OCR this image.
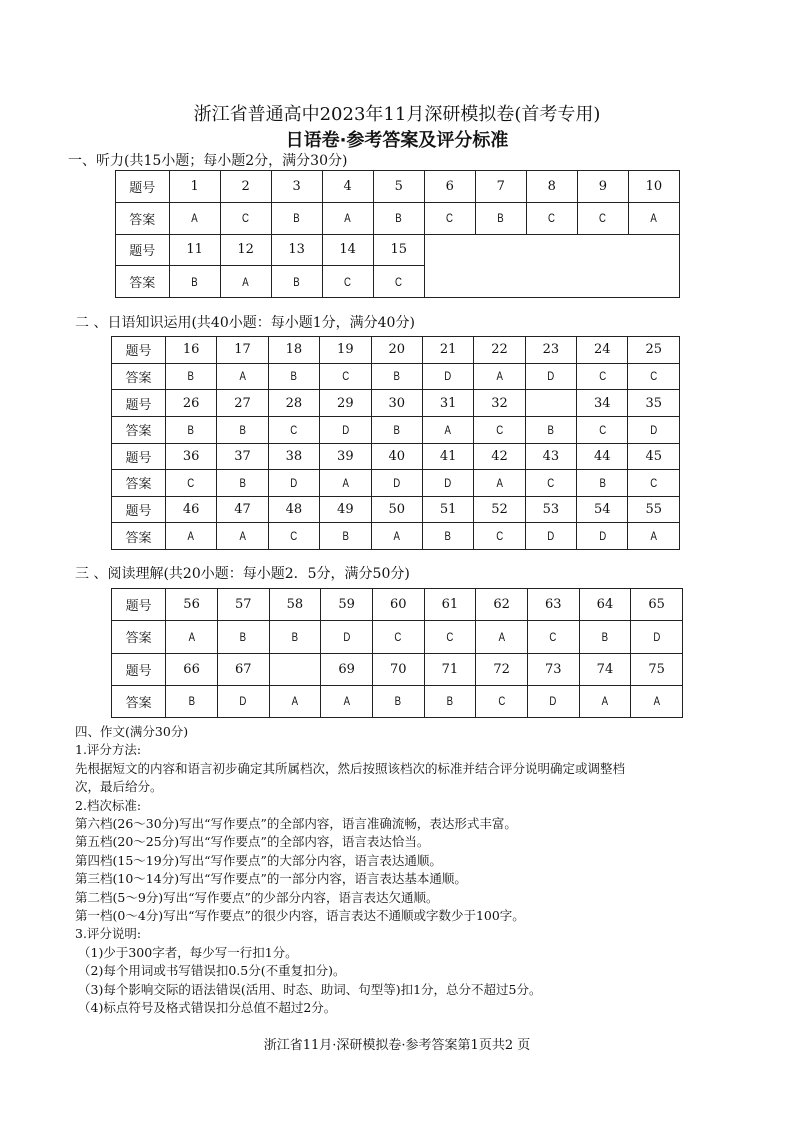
浙江省普通高中2023年11月深研模拟卷(首考专用)
日语卷·参考答案及评分标准
一、听力(共15小题；每小题2分，满分30分)
题号	1	2	3	4	5	6	7	8	9	10
答案	A	C	B	A	B	C	B	C	C	A
题号	11	12	13	14	15					
答案	B	A	B	C	C					
二 、日语知识运用(共40小题：每小题1分，满分40分)
题号	16	17	18	19	20	21	22	23	24	25
答案	B	A	B	C	B	D	A	D	C	C
题号	26	27	28	29	30	31	32		34	35
答案	B	B	C	D	B	A	C	B	C	D
题号	36	37	38	39	40	41	42	43	44	45
答案	C	B	D	A	D	D	A	C	B	C
题号	46	47	48	49	50	51	52	53	54	55
答案	A	A	C	B	A	B	C	D	D	A
三 、阅读理解(共20小题：每小题2．5分，满分50分)
题号	56	57	58	59	60	61	62	63	64	65
答案	A	B	B	D	C	C	A	C	B	D
题号	66	67		69	70	71	72	73	74	75
答案	B	D	A	A	B	B	C	D	A	A
四、作文(满分30分)
1.评分方法:
先根据短文的内容和语言初步确定其所属档次，然后按照该档次的标准并结合评分说明确定或调整档
次，最后给分。
2.档次标准:
第六档(26～30分)写出“写作要点”的全部内容，语言准确流畅，表达形式丰富。
第五档(20～25分)写出“写作要点”的全部内容，语言表达恰当。
第四档(15～19分)写出“写作要点”的大部分内容，语言表达通顺。
第三档(10～14分)写出“写作要点”的一部分内容，语言表达基本通顺。
第二档(5～9分)写出“写作要点”的少部分内容，语言表达欠通顺。
第一档(0～4分)写出“写作要点”的很少内容，语言表达不通顺或字数少于100字。
3.评分说明:
（1)少于300字者，每少写一行扣1分。
（2)每个用词或书写错误扣0.5分(不重复扣分)。
（3)每个影响交际的语法错误(活用、时态、助词、句型等)扣1分，总分不超过5分。
（4)标点符号及格式错误扣分总值不超过2分。
浙江省11月·深研模拟卷·参考答案第1页共2 页
